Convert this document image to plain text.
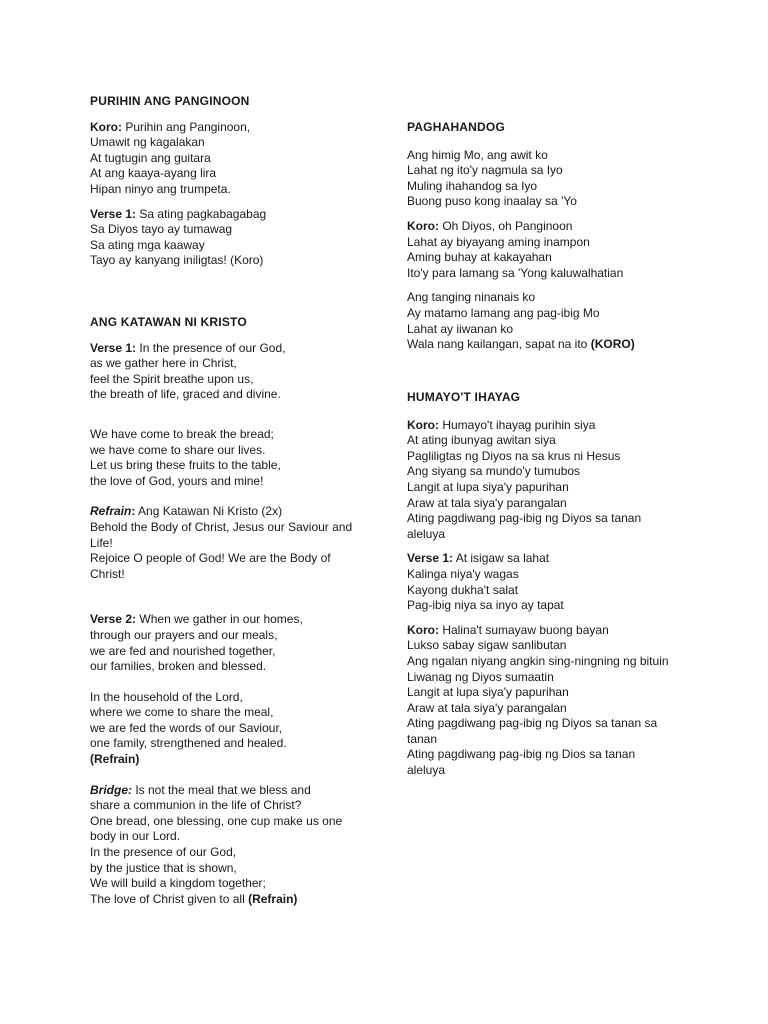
PURIHIN ANG PANGINOON
Koro: Purihin ang Panginoon,
Umawit ng kagalakan
At tugtugin ang guitara
At ang kaaya-ayang lira
Hipan ninyo ang trumpeta.
Verse 1: Sa ating pagkabagabag
Sa Diyos tayo ay tumawag
Sa ating mga kaaway
Tayo ay kanyang iniligtas! (Koro)
ANG KATAWAN NI KRISTO
Verse 1: In the presence of our God,
as we gather here in Christ,
feel the Spirit breathe upon us,
the breath of life, graced and divine.
We have come to break the bread;
we have come to share our lives.
Let us bring these fruits to the table,
the love of God, yours and mine!
Refrain: Ang Katawan Ni Kristo (2x)
Behold the Body of Christ, Jesus our Saviour and Life!
Rejoice O people of God! We are the Body of Christ!
Verse 2: When we gather in our homes,
through our prayers and our meals,
we are fed and nourished together,
our families, broken and blessed.
In the household of the Lord,
where we come to share the meal,
we are fed the words of our Saviour,
one family, strengthened and healed.
(Refrain)
Bridge: Is not the meal that we bless and share a communion in the life of Christ?
One bread, one blessing, one cup make us one body in our Lord.
In the presence of our God,
by the justice that is shown,
We will build a kingdom together;
The love of Christ given to all (Refrain)
PAGHAHANDOG
Ang himig Mo, ang awit ko
Lahat ng ito'y nagmula sa Iyo
Muling ihahandog sa Iyo
Buong puso kong inaalay sa 'Yo
Koro: Oh Diyos, oh Panginoon
Lahat ay biyayang aming inampon
Aming buhay at kakayahan
Ito'y para lamang sa 'Yong kaluwalhatian
Ang tanging ninanais ko
Ay matamo lamang ang pag-ibig Mo
Lahat ay iiwanan ko
Wala nang kailangan, sapat na ito (KORO)
HUMAYO'T IHAYAG
Koro: Humayo't ihayag purihin siya
At ating ibunyag awitan siya
Pagliligtas ng Diyos na sa krus ni Hesus
Ang siyang sa mundo'y tumubos
Langit at lupa siya'y papurihan
Araw at tala siya'y parangalan
Ating pagdiwang pag-ibig ng Diyos sa tanan aleluya
Verse 1: At isigaw sa lahat
Kalinga niya'y wagas
Kayong dukha't salat
Pag-ibig niya sa inyo ay tapat
Koro: Halina't sumayaw buong bayan
Lukso sabay sigaw sanlibutan
Ang ngalan niyang angkin sing-ningning ng bituin
Liwanag ng Diyos sumaatin
Langit at lupa siya'y papurihan
Araw at tala siya'y parangalan
Ating pagdiwang pag-ibig ng Diyos sa tanan sa tanan
Ating pagdiwang pag-ibig ng Dios sa tanan aleluya
